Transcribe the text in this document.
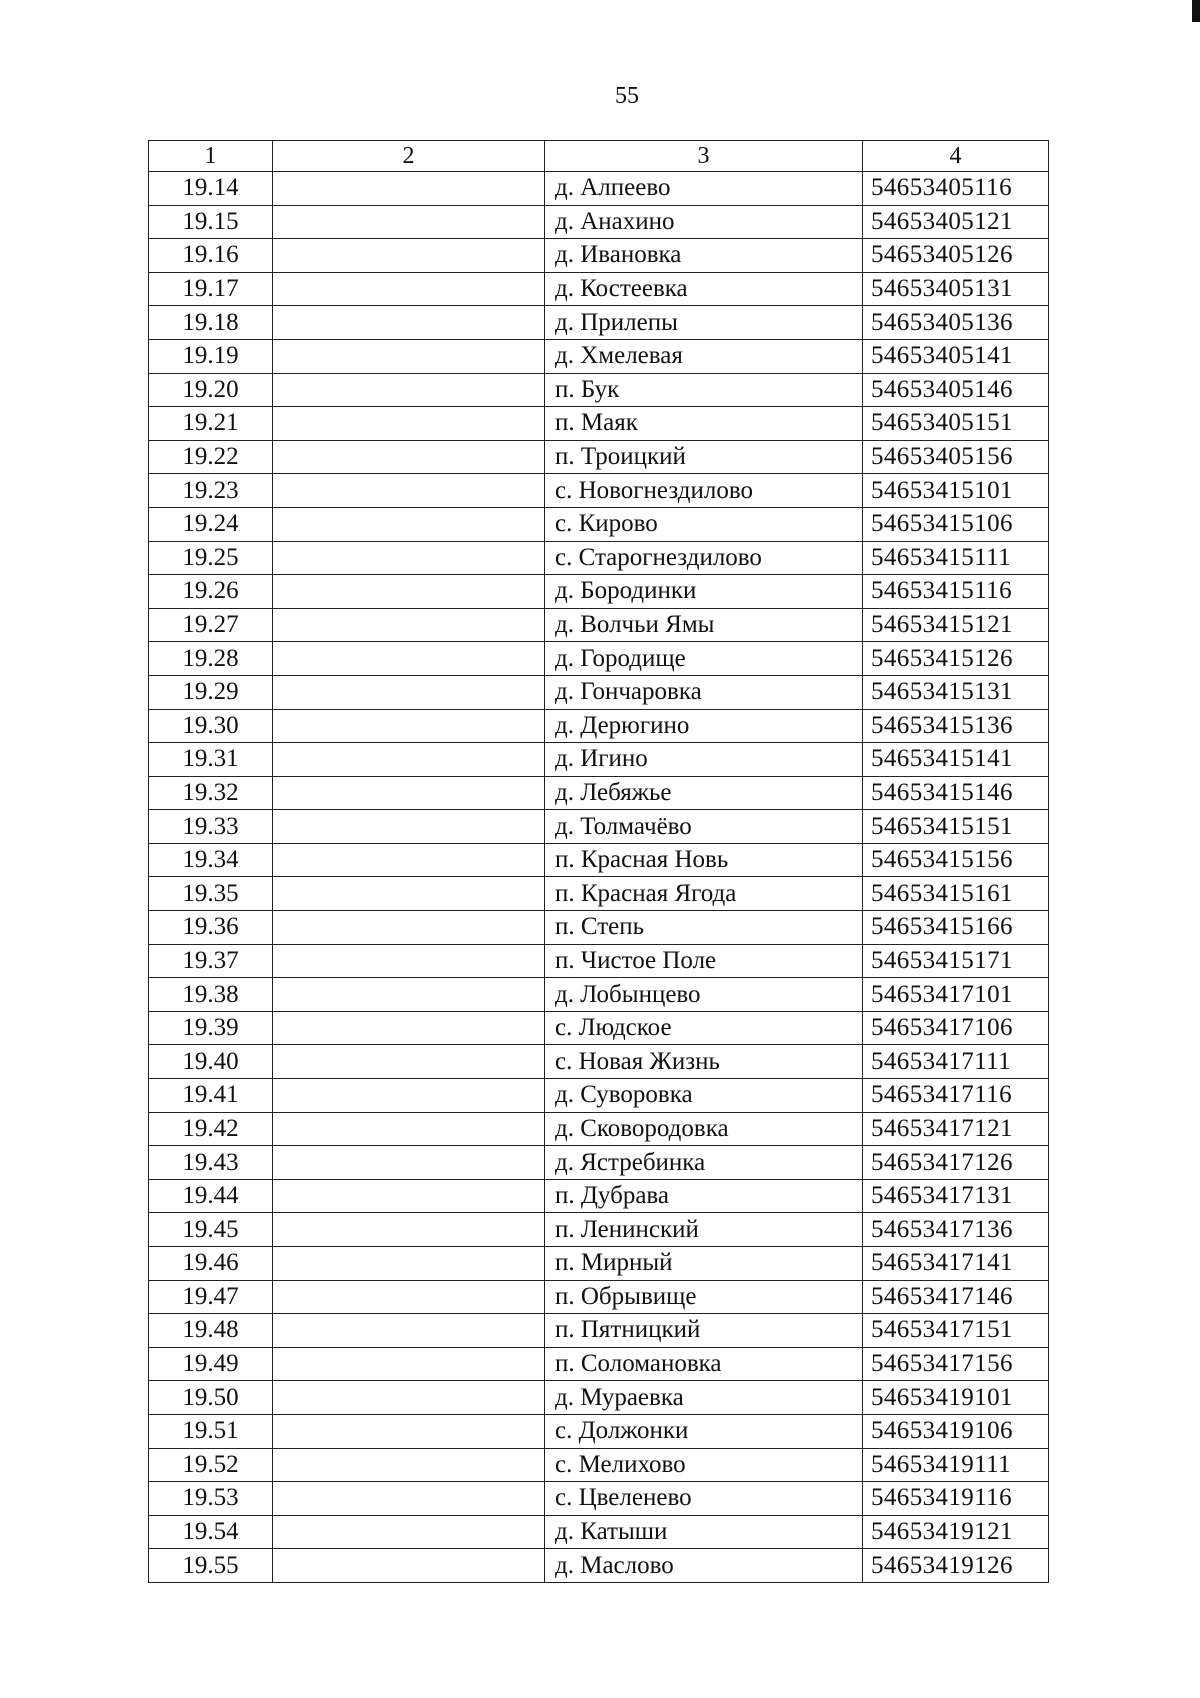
55
1	2	3	4
19.14		д. Алпеево	54653405116
19.15		д. Анахино	54653405121
19.16		д. Ивановка	54653405126
19.17		д. Костеевка	54653405131
19.18		д. Прилепы	54653405136
19.19		д. Хмелевая	54653405141
19.20		п. Бук	54653405146
19.21		п. Маяк	54653405151
19.22		п. Троицкий	54653405156
19.23		с. Новогнездилово	54653415101
19.24		с. Кирово	54653415106
19.25		с. Старогнездилово	54653415111
19.26		д. Бородинки	54653415116
19.27		д. Волчьи Ямы	54653415121
19.28		д. Городище	54653415126
19.29		д. Гончаровка	54653415131
19.30		д. Дерюгино	54653415136
19.31		д. Игино	54653415141
19.32		д. Лебяжье	54653415146
19.33		д. Толмачёво	54653415151
19.34		п. Красная Новь	54653415156
19.35		п. Красная Ягода	54653415161
19.36		п. Степь	54653415166
19.37		п. Чистое Поле	54653415171
19.38		д. Лобынцево	54653417101
19.39		с. Людское	54653417106
19.40		с. Новая Жизнь	54653417111
19.41		д. Суворовка	54653417116
19.42		д. Сковородовка	54653417121
19.43		д. Ястребинка	54653417126
19.44		п. Дубрава	54653417131
19.45		п. Ленинский	54653417136
19.46		п. Мирный	54653417141
19.47		п. Обрывище	54653417146
19.48		п. Пятницкий	54653417151
19.49		п. Соломановка	54653417156
19.50		д. Мураевка	54653419101
19.51		с. Должонки	54653419106
19.52		с. Мелихово	54653419111
19.53		с. Цвеленево	54653419116
19.54		д. Катыши	54653419121
19.55		д. Маслово	54653419126
